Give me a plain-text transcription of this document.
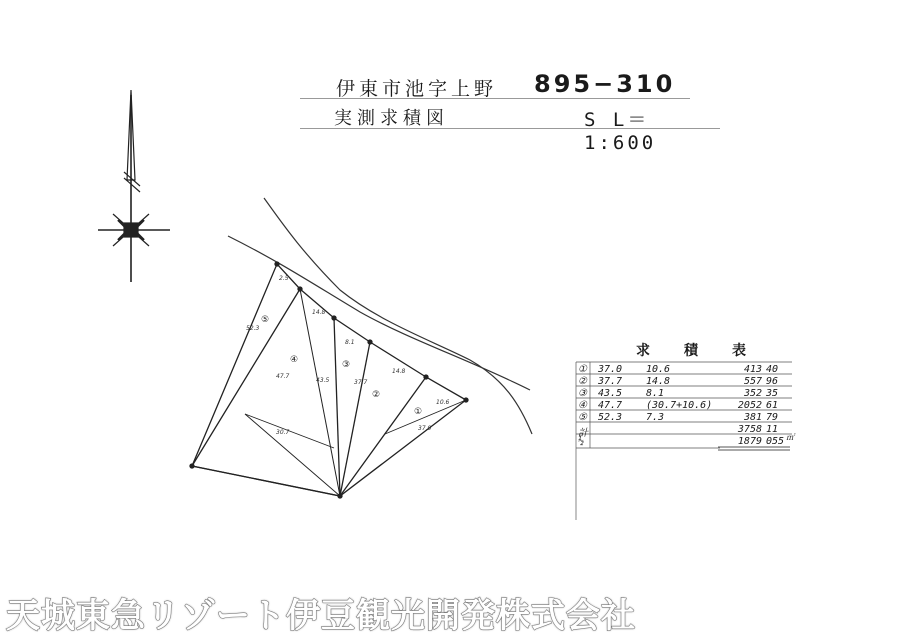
伊東市池字上野 895−310
実測求積図	S L＝1:600
①
②
③
④
⑤
2.5
14.8
8.1
14.8
10.6
37.0
37.7
43.5
47.7
52.3
30.7
求　積　表
① 37.0 10.6	413 40
② 37.7 14.8	557 96
③ 43.5 8.1	352 35
④ 47.7 (30.7+10.6)	2052 61
⑤ 52.3 7.3	381 79
計	3758 11
½	1879 055 ㎡
天城東急リゾート伊豆観光開発株式会社
